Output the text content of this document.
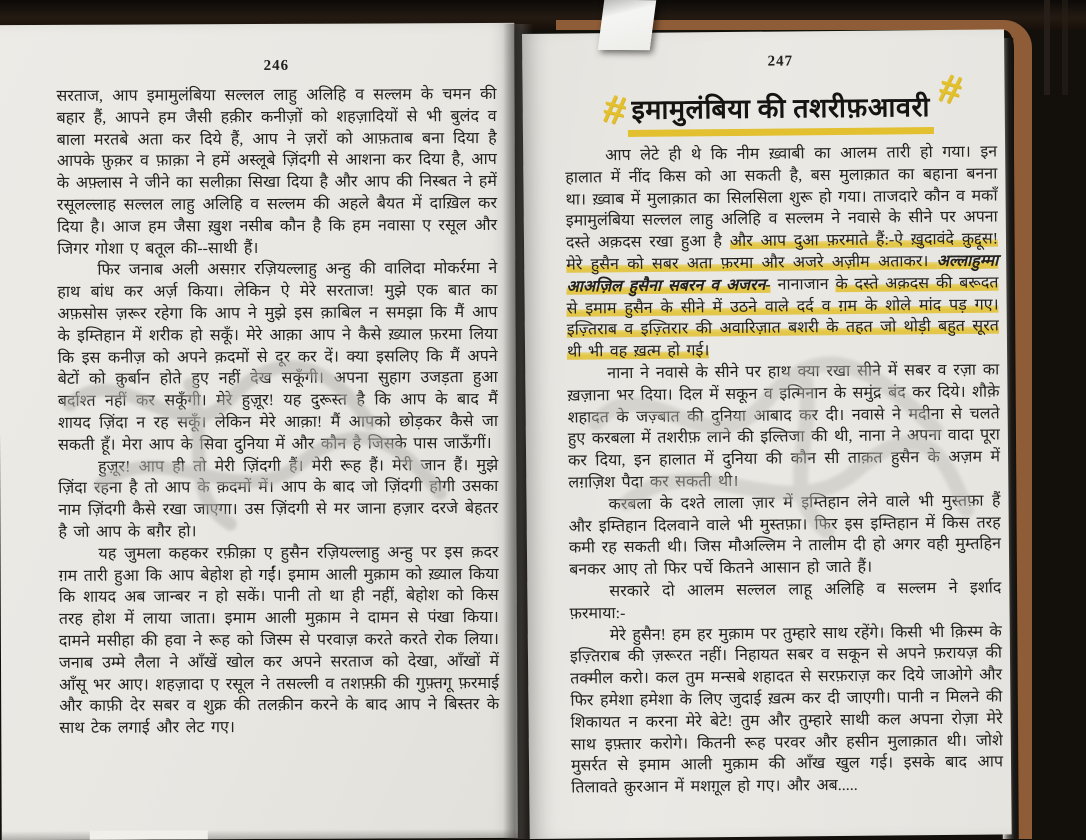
246

सरताज, आप इमामुलंबिया सल्लल लाहु अलिहि व सल्लम के चमन की बहार हैं, आपने हम जैसी हक़ीर कनीज़ों को शहज़ादियों से भी बुलंद व बाला मरतबे अता कर दिये हैं, आप ने ज़रों को आफ़ताब बना दिया है आपके फ़ुक़र व फ़ाक़ा ने हमें अस्लूबे ज़िंदगी से आशना कर दिया है, आप के अफ़्लास ने जीने का सलीक़ा सिखा दिया है और आप की निस्बत ने हमें रसूलल्लाह सल्लल लाहु अलिहि व सल्लम की अहले बैयत में दाख़िल कर दिया है। आज हम जैसा ख़ुश नसीब कौन है कि हम नवासा ए रसूल और जिगर गोशा ए बतूल की--साथी हैं।

फिर जनाब अली असग़र रज़ियल्लाहु अन्हु की वालिदा मोकर्रमा ने हाथ बांध कर अर्ज़ किया। लेकिन ऐ मेरे सरताज! मुझे एक बात का अफ़सोस ज़रूर रहेगा कि आप ने मुझे इस क़ाबिल न समझा कि मैं आप के इम्तिहान में शरीक हो सकूँ। मेरे आक़ा आप ने कैसे ख़्याल फ़रमा लिया कि इस कनीज़ को अपने क़दमों से दूर कर दें। क्या इसलिए कि मैं अपने बेटों को क़ुर्बान होते हुए नहीं देख सकूँगी। अपना सुहाग उजड़ता हुआ बर्दाश्त नहीं कर सकूँगी। मेरे हुज़ूर! यह दुरूस्त है कि आप के बाद मैं शायद ज़िंदा न रह सकूँ। लेकिन मेरे आक़ा! मैं आपको छोड़कर कैसे जा सकती हूँ। मेरा आप के सिवा दुनिया में और कौन है जिसके पास जाऊँगीं।

हुज़ूर! आप ही तो मेरी ज़िंदगी हैं। मेरी रूह हैं। मेरी जान हैं। मुझे ज़िंदा रहना है तो आप के क़दमों में। आप के बाद जो ज़िंदगी होगी उसका नाम ज़िंदगी कैसे रखा जाएगा। उस ज़िंदगी से मर जाना हज़ार दरजे बेहतर है जो आप के बग़ैर हो।

यह जुमला कहकर रफ़ीक़ा ए हुसैन रज़ियल्लाहु अन्हु पर इस क़दर ग़म तारी हुआ कि आप बेहोश हो गईं। इमाम आली मुक़ाम को ख़्याल किया कि शायद अब जान्बर न हो सकें। पानी तो था ही नहीं, बेहोश को किस तरह होश में लाया जाता। इमाम आली मुक़ाम ने दामन से पंखा किया। दामने मसीहा की हवा ने रूह को जिस्म से परवाज़ करते करते रोक लिया। जनाब उम्मे लैला ने आँखें खोल कर अपने सरताज को देखा, आँखों में आँसू भर आए। शहज़ादा ए रसूल ने तसल्ली व तशफ़्फ़ी की गुफ़्तगू फ़रमाई और काफ़ी देर सबर व शुक्र की तलक़ीन करने के बाद आप ने बिस्तर के साथ टेक लगाई और लेट गए।

247
#इमामुलंबिया की तशरीफ़आवरी#

आप लेटे ही थे कि नीम ख़्वाबी का आलम तारी हो गया। इन हालात में नींद किस को आ सकती है, बस मुलाक़ात का बहाना बनना था। ख़्वाब में मुलाक़ात का सिलसिला शुरू हो गया। ताजदारे कौन व मकाँ इमामुलंबिया सल्लल लाहु अलिहि व सल्लम ने नवासे के सीने पर अपना दस्ते अक़दस रखा हुआ है और आप दुआ फ़रमाते हैं:-ऐ ख़ुदावंदे क़ुद्दूस! मेरे हुसैन को सबर अता फ़रमा और अजरे अज़ीम अताकर। अल्लाहुम्मा आअज़िल हुसैना सबरन व अजरन- नानाजान के दस्ते अक़दस की बरूदत से इमाम हुसैन के सीने में उठने वाले दर्द व ग़म के शोले मांद पड़ गए। इज़्तिराब व इज़्तिरार की अवारिज़ात बशरी के तहत जो थोड़ी बहुत सूरत थी भी वह ख़त्म हो गई।

नाना ने नवासे के सीने पर हाथ क्या रखा सीने में सबर व रज़ा का ख़ज़ाना भर दिया। दिल में सकून व इत्मिनान के समुंद्र बंद कर दिये। शौक़े शहादत के जज़्बात की दुनिया आबाद कर दी। नवासे ने मदीना से चलते हुए करबला में तशरीफ़ लाने की इल्तिजा की थी, नाना ने अपना वादा पूरा कर दिया, इन हालात में दुनिया की कौन सी ताक़त हुसैन के अज़म में लग़ज़िश पैदा कर सकती थी।

करबला के दश्ते लाला ज़ार में इम्तिहान लेने वाले भी मुस्तफ़ा हैं और इम्तिहान दिलवाने वाले भी मुस्तफ़ा। फिर इस इम्तिहान में किस तरह कमी रह सकती थी। जिस मौअल्लिम ने तालीम दी हो अगर वही मुम्तहिन बनकर आए तो फिर पर्चे कितने आसान हो जाते हैं।

सरकारे दो आलम सल्लल लाहू अलिहि व सल्लम ने इर्शाद फ़रमाया:-

मेरे हुसैन! हम हर मुक़ाम पर तुम्हारे साथ रहेंगे। किसी भी क़िस्म के इज़्तिराब की ज़रूरत नहीं। निहायत सबर व सकून से अपने फ़रायज़ की तक्मील करो। कल तुम मन्सबे शहादत से सरफ़राज़ कर दिये जाओगे और फिर हमेशा हमेशा के लिए जुदाई ख़त्म कर दी जाएगी। पानी न मिलने की शिकायत न करना मेरे बेटे! तुम और तुम्हारे साथी कल अपना रोज़ा मेरे साथ इफ़्तार करोगे। कितनी रूह परवर और हसीन मुलाक़ात थी। जोशे मुसर्रत से इमाम आली मुक़ाम की आँख खुल गई। इसके बाद आप तिलावते क़ुरआन में मशग़ूल हो गए। और अब.....
